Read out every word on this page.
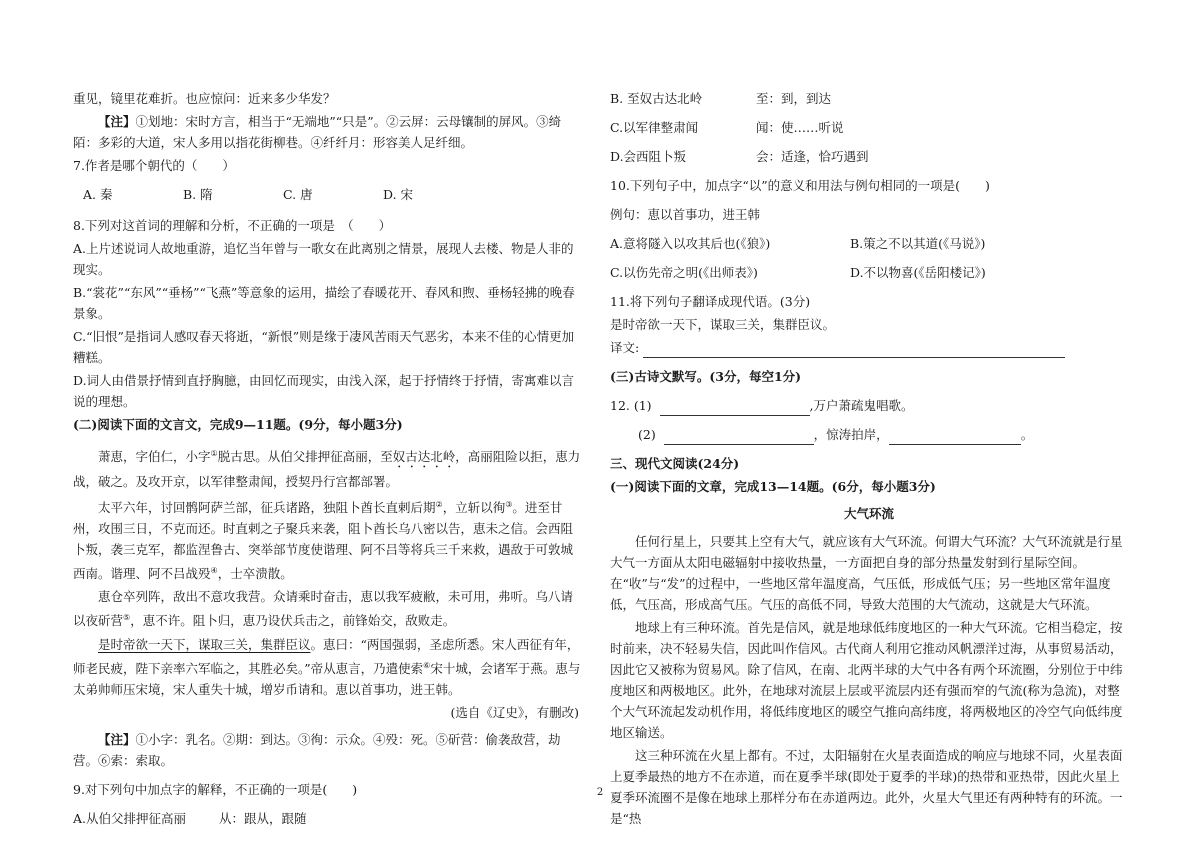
重见，镜里花难折。也应惊问：近来多少华发？

【注】①划地：宋时方言，相当于“无端地”“只是”。②云屏：云母镶制的屏风。③绮陌：多彩的大道，宋人多用以指花街柳巷。④纤纤月：形容美人足纤细。

7.作者是哪个朝代的（　　）

A. 秦	B. 隋	C. 唐	D. 宋

8.下列对这首词的理解和分析，不正确的一项是　（　　）

A.上片述说词人故地重游，追忆当年曾与一歌女在此离别之情景，展现人去楼、物是人非的现实。

B.“裳花”“东风”“垂杨”“飞燕”等意象的运用，描绘了春暖花开、春风和煦、垂杨轻拂的晚春景象。

C.“旧恨”是指词人感叹春天将逝，“新恨”则是缘于凄风苦雨天气恶劣，本来不佳的心情更加糟糕。

D.词人由借景抒情到直抒胸臆，由回忆而现实，由浅入深，起于抒情终于抒情，寄寓难以言说的理想。

(二)阅读下面的文言文，完成9—11题。(9分，每小题3分)

萧恵，字伯仁，小字①脱古思。从伯父排押征高丽，至奴古达北岭，高丽阻险以拒，恵力战，破之。及攻开京，以军律整肃闻，授契丹行宫都部署。

太平六年，讨回鹘阿萨兰部，征兵诸路，独阻卜酋长直剌后期②，立斩以徇③。进至甘州，攻围三日，不克而还。时直剌之子聚兵来袭，阻卜酋长乌八密以告，恵未之信。会西阻卜叛，袭三克军，都监涅鲁古、突举部节度使谐理、阿不吕等将兵三千来救，遇敌于可敦城西南。谐理、阿不吕战殁④，士卒溃散。

恵仓卒列阵，敌出不意攻我营。众请乘时奋击，恵以我军疲敝，未可用，弗听。乌八请以夜斫营⑤，恵不许。阻卜归，恵乃设伏兵击之，前锋始交，敌败走。

是时帝欲一天下，谋取三关，集群臣议。恵曰：“两国强弱，圣虑所悉。宋人西征有年，师老民疲，陛下亲率六军临之，其胜必矣。”帝从恵言，乃遣使索⑥宋十城，会诸军于燕。恵与太弟帅师压宋境，宋人重失十城，增岁币请和。恵以首事功，进王韩。

(选自《辽史》，有删改)

【注】①小字：乳名。②期：到达。③徇：示众。④殁：死。⑤斫营：偷袭敌营，劫营。⑥索：索取。

9.对下列句中加点字的解释，不正确的一项是(　　)

A.从伯父排押征高丽	从：跟从，跟随
B. 至奴古达北岭	至：到，到达
C.以军律整肃闻	闻：使……听说
D.会西阻卜叛	会：适逢，恰巧遇到

10.下列句子中，加点字“以”的意义和用法与例句相同的一项是(　　)

例句：恵以首事功，进王韩

A.意将隧入以攻其后也(《狼》)	B.策之不以其道(《马说》)
C.以伤先帝之明(《出师表》)	D.不以物喜(《岳阳楼记》)

11.将下列句子翻译成现代语。(3分)

是时帝欲一天下，谋取三关，集群臣议。

译文:

(三)古诗文默写。(3分，每空1分)

12. (1)	,万户萧疏鬼唱歌。

(2)	，惊涛拍岸，	。

三、现代文阅读(24分)

(一)阅读下面的文章，完成13—14题。(6分，每小题3分)

大气环流

任何行星上，只要其上空有大气，就应该有大气环流。何谓大气环流？大气环流就是行星大气一方面从太阳电磁辐射中接收热量，一方面把自身的部分热量发射到行星际空间。在“收”与“发”的过程中，一些地区常年温度高，气压低，形成低气压；另一些地区常年温度低，气压高，形成高气压。气压的高低不同，导致大范围的大气流动，这就是大气环流。

地球上有三种环流。首先是信风，就是地球低纬度地区的一种大气环流。它相当稳定，按时前来，决不轻易失信，因此叫作信风。古代商人利用它推动风帆漂洋过海，从事贸易活动，因此它又被称为贸易风。除了信风，在南、北两半球的大气中各有两个环流圈，分别位于中纬度地区和两极地区。此外，在地球对流层上层或平流层内还有强而窄的气流(称为急流)，对整个大气环流起发动机作用，将低纬度地区的暖空气推向高纬度，将两极地区的冷空气向低纬度地区输送。

这三种环流在火星上都有。不过，太阳辐射在火星表面造成的响应与地球不同，火星表面上夏季最热的地方不在赤道，而在夏季半球(即处于夏季的半球)的热带和亚热带，因此火星上夏季环流圈不是像在地球上那样分布在赤道两边。此外，火星大气里还有两种特有的环流。一是“热

2
